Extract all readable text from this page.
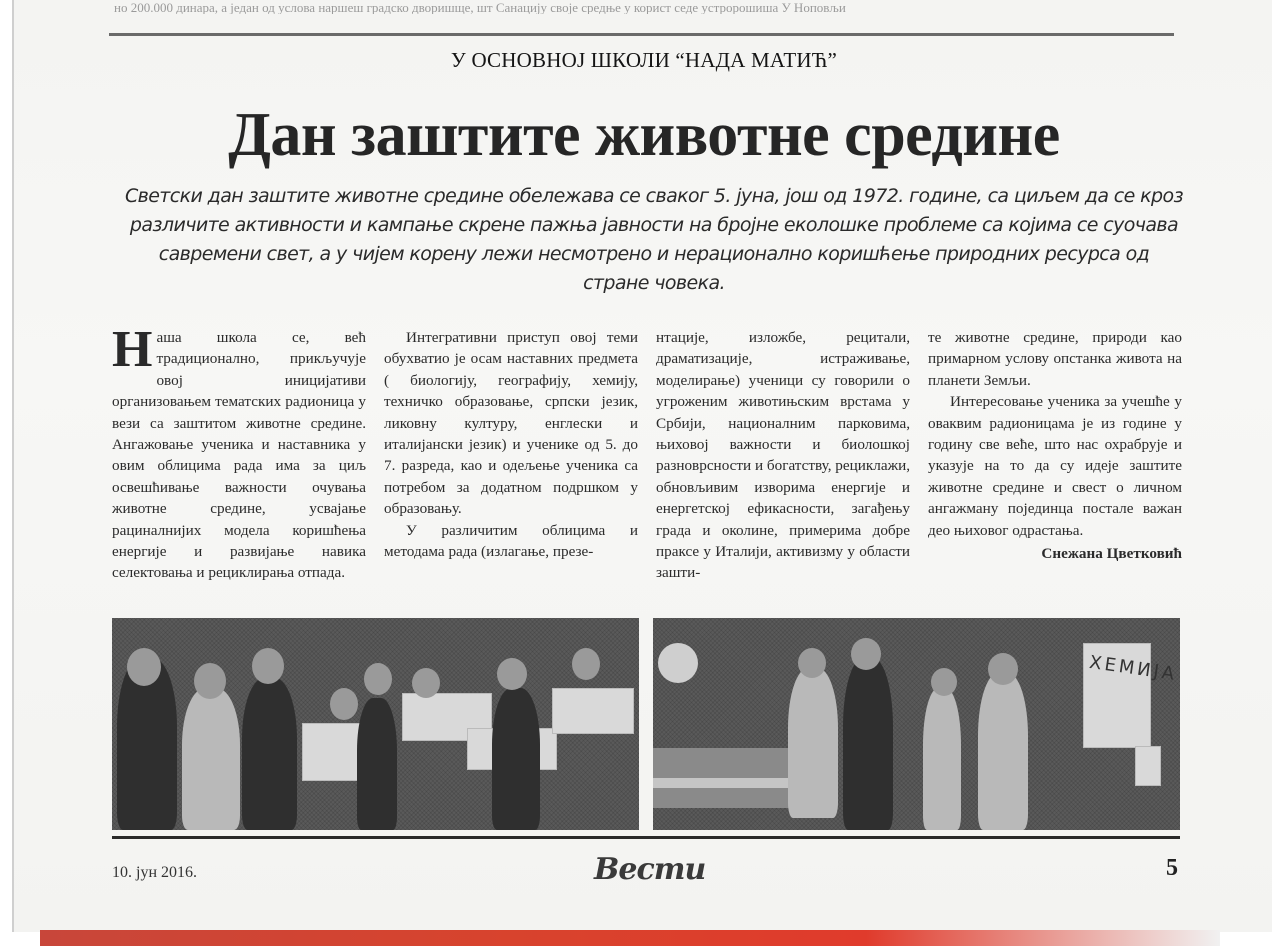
но 200.000 динара, а један од услова наршеш градско дворишще, шт Санацију своје средње у корист седе устророшиша У Ноповљи
У ОСНОВНОЈ ШКОЛИ “НАДА МАТИЋ”
Дан заштите животне средине
Светски дан заштите животне средине обележава се сваког 5. јуна, још од 1972. године, са циљем да се кроз различите активности и кампање скрене пажња јавности на бројне еколошке проблеме са којима се суочава савремени свет, а у чијем корену лежи несмотрено и нерационално коришћење природних ресурса од стране човека.

Наша школа се, већ традиционално, прикључује овој иницијативи организовањем тематских радионица у вези са заштитом животне средине. Ангажовање ученика и наставника у овим облицима рада има за циљ освешћивање важности очувања животне средине, усвајање рациналнијих модела коришћења енергије и развијање навика селектовања и рециклирања отпада.

Интегративни приступ овој теми обухватио је осам наставних предмета ( биологију, географију, хемију, техничко образовање, српски језик, ликовну културу, енглески и италијански језик) и ученике од 5. до 7. разреда, као и одељење ученика са потребом за додатном подршком у образовању.

У различитим облицима и методама рада (излагање, презе-

нтације, изложбе, рецитали, драматизације, истраживање, моделирање) ученици су говорили о угроженим животињским врстама у Србији, националним парковима, њиховој важности и биолошкој разноврсности и богатству, рециклажи, обновљивим изворима енергије и енергетској ефикасности, загађењу града и околине, примерима добре праксе у Италији, активизму у области зашти-

те животне средине, природи као примарном услову опстанка живота на планети Земљи.

Интересовање ученика за учешће у оваквим радионицама је из године у годину све веће, што нас охрабрује и указује на то да су идеје заштите животне средине и свест о личном ангажману појединца постале важан део њиховог одрастања.

Снежана Цветковић
ХЕМИЈА
10. јун 2016.	Вести	5
